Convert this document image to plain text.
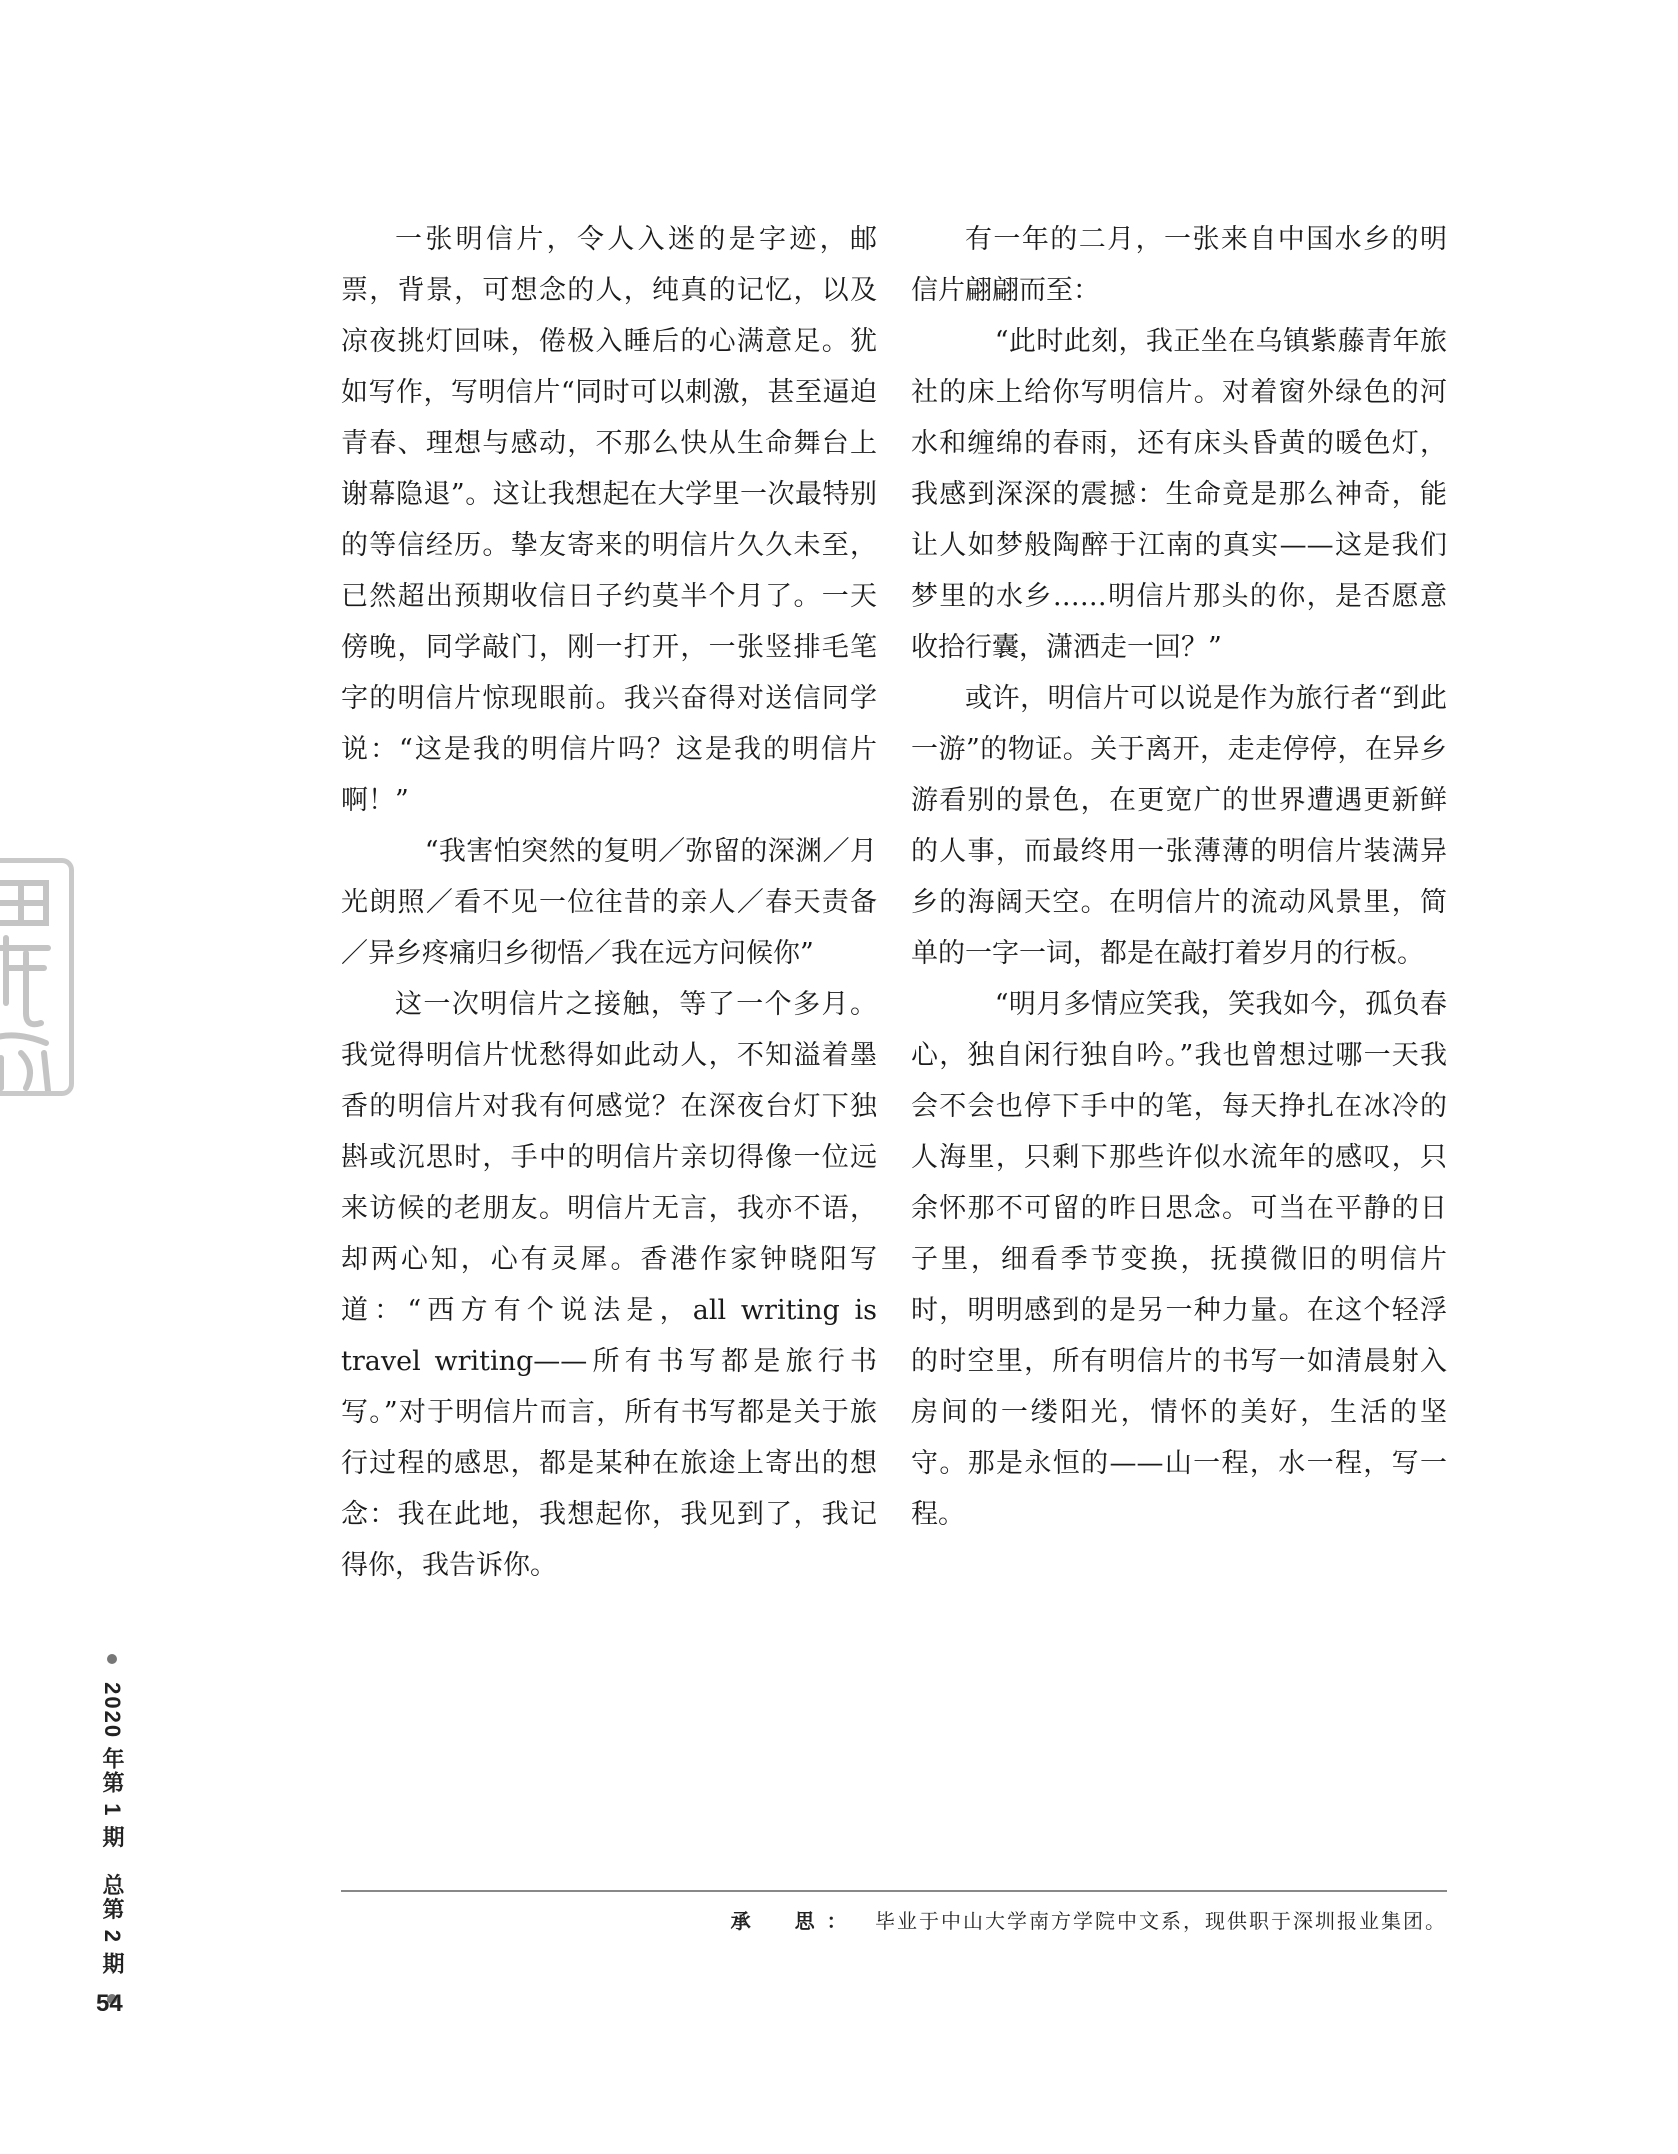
一张明信片，令人入迷的是字迹，邮票，背景，可想念的人，纯真的记忆，以及凉夜挑灯回味，倦极入睡后的心满意足。犹如写作，写明信片“同时可以刺激，甚至逼迫青春、理想与感动，不那么快从生命舞台上谢幕隐退”。这让我想起在大学里一次最特别的等信经历。挚友寄来的明信片久久未至，已然超出预期收信日子约莫半个月了。一天傍晚，同学敲门，刚一打开，一张竖排毛笔字的明信片惊现眼前。我兴奋得对送信同学说：“这是我的明信片吗？这是我的明信片啊！”

“我害怕突然的复明／弥留的深渊／月光朗照／看不见一位往昔的亲人／春天责备／异乡疼痛归乡彻悟／我在远方问候你”

这一次明信片之接触，等了一个多月。我觉得明信片忧愁得如此动人，不知溢着墨香的明信片对我有何感觉？在深夜台灯下独斟或沉思时，手中的明信片亲切得像一位远来访候的老朋友。明信片无言，我亦不语，却两心知，心有灵犀。香港作家钟晓阳写道：“西方有个说法是，all writing is travel writing——所有书写都是旅行书写。”对于明信片而言，所有书写都是关于旅行过程的感思，都是某种在旅途上寄出的想念：我在此地，我想起你，我见到了，我记得你，我告诉你。

有一年的二月，一张来自中国水乡的明信片翩翩而至：

“此时此刻，我正坐在乌镇紫藤青年旅社的床上给你写明信片。对着窗外绿色的河水和缠绵的春雨，还有床头昏黄的暖色灯，我感到深深的震撼：生命竟是那么神奇，能让人如梦般陶醉于江南的真实——这是我们梦里的水乡……明信片那头的你，是否愿意收拾行囊，潇洒走一回？”

或许，明信片可以说是作为旅行者“到此一游”的物证。关于离开，走走停停，在异乡游看别的景色，在更宽广的世界遭遇更新鲜的人事，而最终用一张薄薄的明信片装满异乡的海阔天空。在明信片的流动风景里，简单的一字一词，都是在敲打着岁月的行板。

“明月多情应笑我，笑我如今，孤负春心，独自闲行独自吟。”我也曾想过哪一天我会不会也停下手中的笔，每天挣扎在冰冷的人海里，只剩下那些许似水流年的感叹，只余怀那不可留的昨日思念。可当在平静的日子里，细看季节变换，抚摸微旧的明信片时，明明感到的是另一种力量。在这个轻浮的时空里，所有明信片的书写一如清晨射入房间的一缕阳光，情怀的美好，生活的坚守。那是永恒的——山一程，水一程，写一程。

2020 年第 1 期　总第 2 期
54
承　思： 毕业于中山大学南方学院中文系，现供职于深圳报业集团。
